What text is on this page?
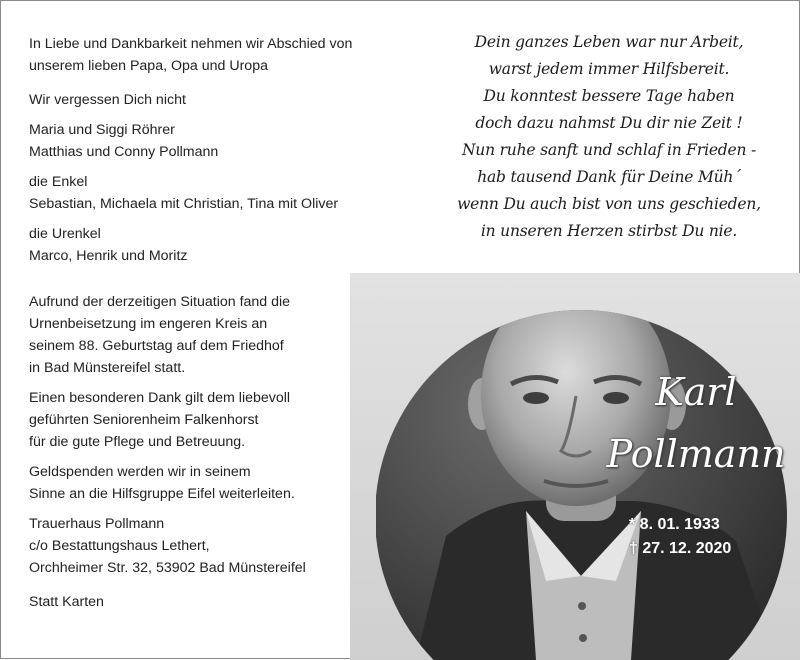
In Liebe und Dankbarkeit nehmen wir Abschied von
unserem lieben Papa, Opa und Uropa
Wir vergessen Dich nicht
Maria und Siggi Röhrer
Matthias und Conny Pollmann
die Enkel
Sebastian, Michaela mit Christian, Tina mit Oliver
die Urenkel
Marco, Henrik und Moritz
Aufrund der derzeitigen Situation fand die
Urnenbeisetzung im engeren Kreis an
seinem 88. Geburtstag auf dem Friedhof
in Bad Münstereifel statt.
Einen besonderen Dank gilt dem liebevoll
geführten Seniorenheim Falkenhorst
für die gute Pflege und Betreuung.
Geldspenden werden wir in seinem
Sinne an die Hilfsgruppe Eifel weiterleiten.
Trauerhaus Pollmann
c/o Bestattungshaus Lethert,
Orchheimer Str. 32, 53902 Bad Münstereifel
Statt Karten
Dein ganzes Leben war nur Arbeit,
warst jedem immer Hilfsbereit.
Du konntest bessere Tage haben
doch dazu nahmst Du dir nie Zeit !
Nun ruhe sanft und schlaf in Frieden -
hab tausend Dank für Deine Müh´
wenn Du auch bist von uns geschieden,
in unseren Herzen stirbst Du nie.
Karl
Pollmann
* 8. 01. 1933
† 27. 12. 2020
